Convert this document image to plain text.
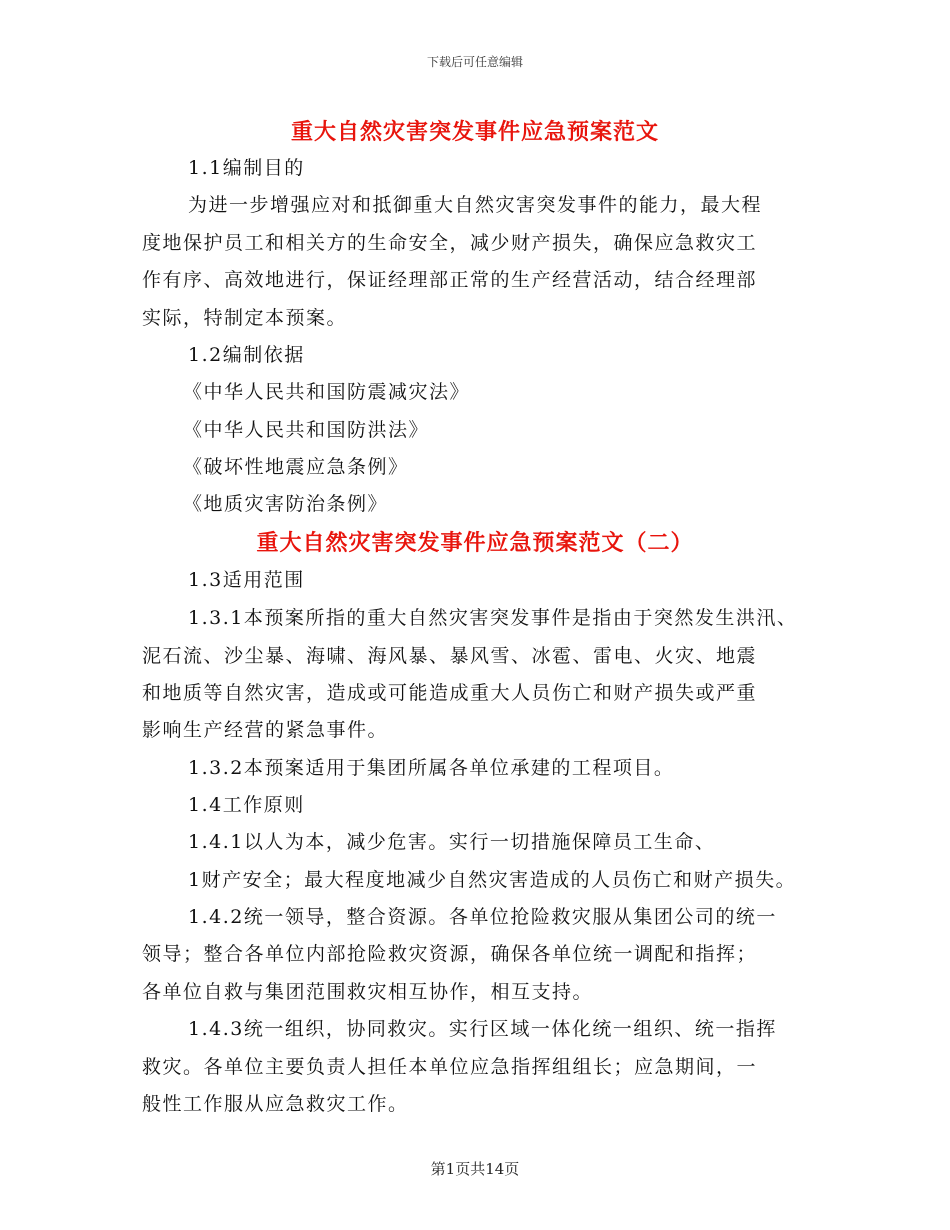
下载后可任意编辑
重大自然灾害突发事件应急预案范文
重大自然灾害突发事件应急预案范文（二）
1.1编制目的
为进一步增强应对和抵御重大自然灾害突发事件的能力，最大程
度地保护员工和相关方的生命安全，减少财产损失，确保应急救灾工
作有序、高效地进行，保证经理部正常的生产经营活动，结合经理部
实际，特制定本预案。
1.2编制依据
《中华人民共和国防震减灾法》
《中华人民共和国防洪法》
《破坏性地震应急条例》
《地质灾害防治条例》
1.3适用范围
1.3.1本预案所指的重大自然灾害突发事件是指由于突然发生洪汛、
泥石流、沙尘暴、海啸、海风暴、暴风雪、冰雹、雷电、火灾、地震
和地质等自然灾害，造成或可能造成重大人员伤亡和财产损失或严重
影响生产经营的紧急事件。
1.3.2本预案适用于集团所属各单位承建的工程项目。
1.4工作原则
1.4.1以人为本，减少危害。实行一切措施保障员工生命、
1财产安全；最大程度地减少自然灾害造成的人员伤亡和财产损失。
1.4.2统一领导，整合资源。各单位抢险救灾服从集团公司的统一
领导；整合各单位内部抢险救灾资源，确保各单位统一调配和指挥；
各单位自救与集团范围救灾相互协作，相互支持。
1.4.3统一组织，协同救灾。实行区域一体化统一组织、统一指挥
救灾。各单位主要负责人担任本单位应急指挥组组长；应急期间，一
般性工作服从应急救灾工作。
第1页共14页
